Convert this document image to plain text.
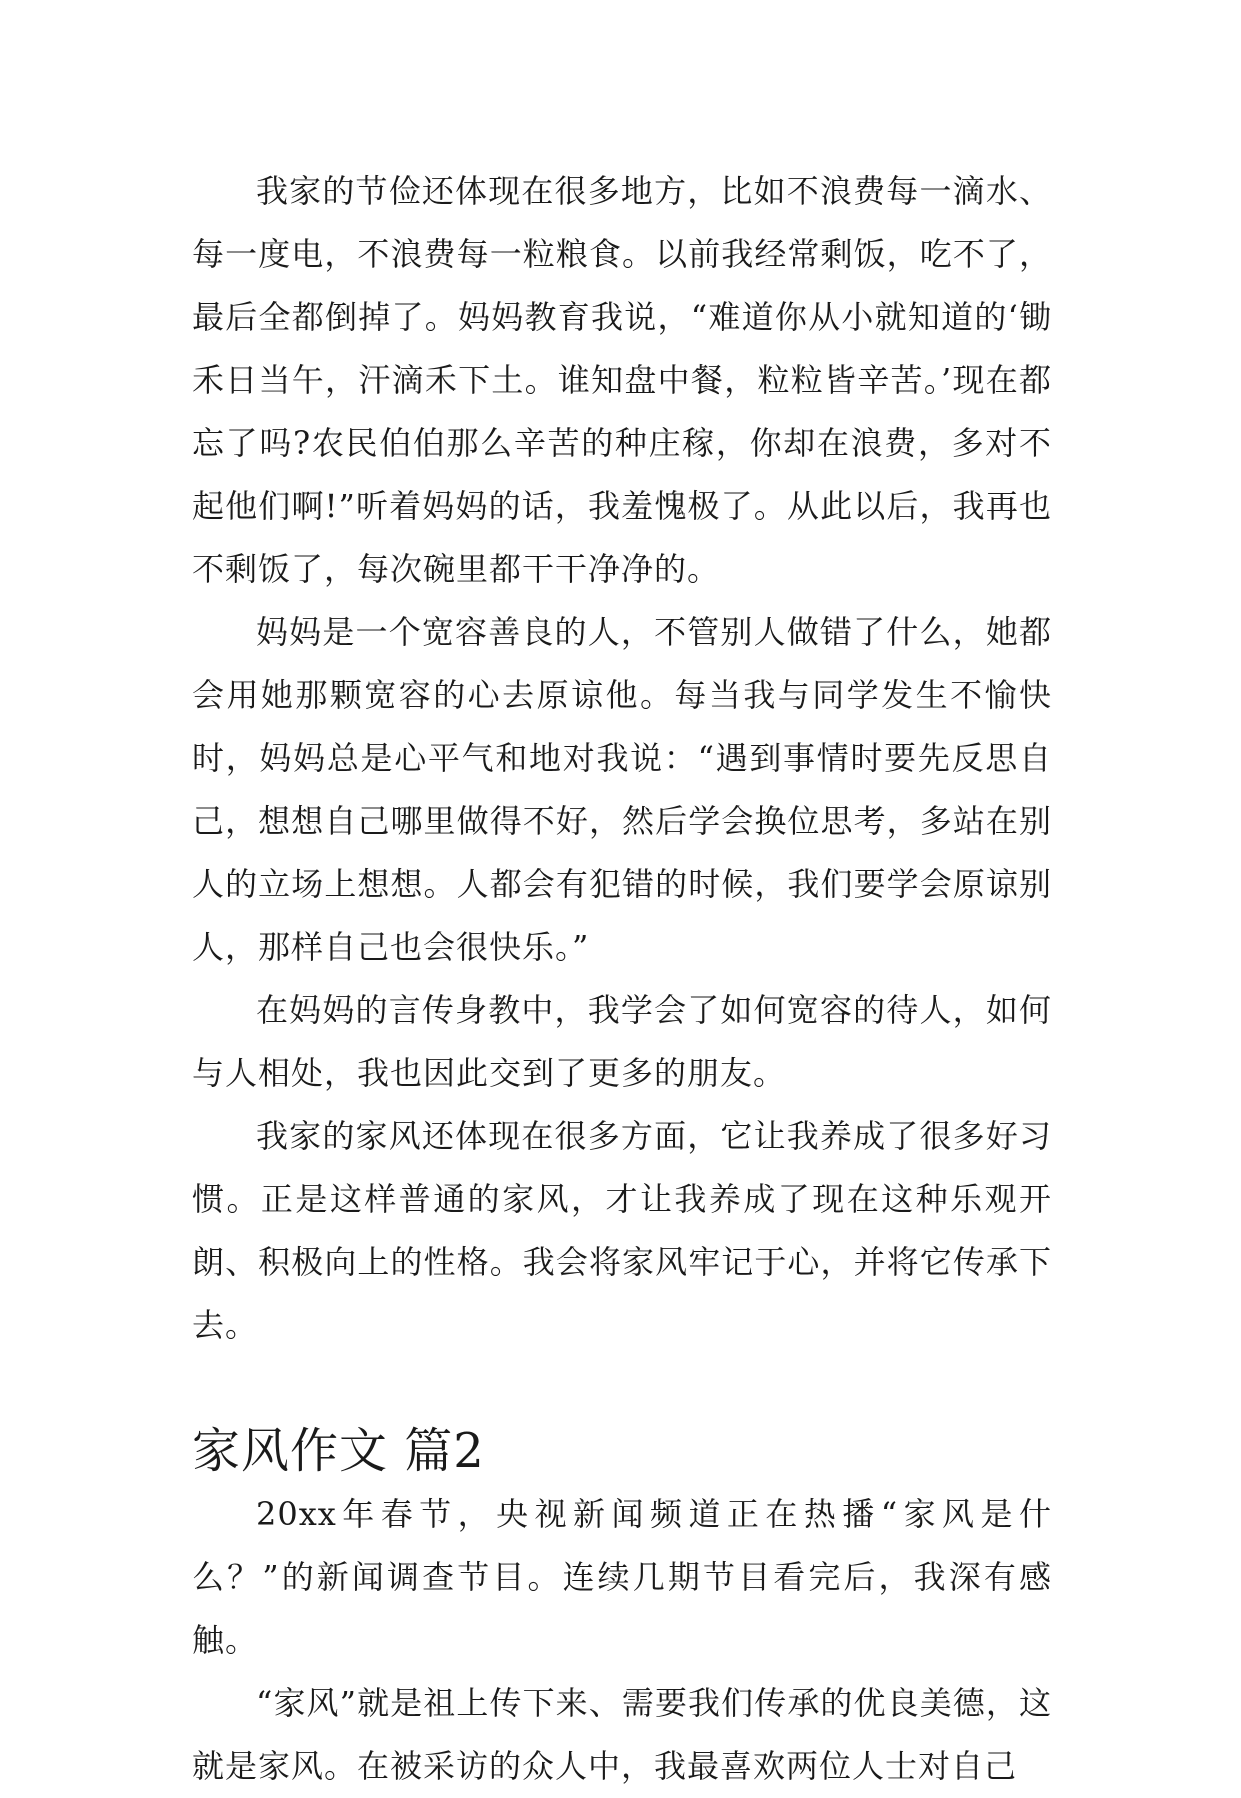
我家的节俭还体现在很多地方，比如不浪费每一滴水、每一度电，不浪费每一粒粮食。以前我经常剩饭，吃不了，最后全都倒掉了。妈妈教育我说，“难道你从小就知道的‘锄禾日当午，汗滴禾下土。谁知盘中餐，粒粒皆辛苦。’现在都忘了吗?农民伯伯那么辛苦的种庄稼，你却在浪费，多对不起他们啊!”听着妈妈的话，我羞愧极了。从此以后，我再也不剩饭了，每次碗里都干干净净的。

妈妈是一个宽容善良的人，不管别人做错了什么，她都会用她那颗宽容的心去原谅他。每当我与同学发生不愉快时，妈妈总是心平气和地对我说：“遇到事情时要先反思自己，想想自己哪里做得不好，然后学会换位思考，多站在别人的立场上想想。人都会有犯错的时候，我们要学会原谅别人，那样自己也会很快乐。”

在妈妈的言传身教中，我学会了如何宽容的待人，如何与人相处，我也因此交到了更多的朋友。

我家的家风还体现在很多方面，它让我养成了很多好习惯。正是这样普通的家风，才让我养成了现在这种乐观开朗、积极向上的性格。我会将家风牢记于心，并将它传承下去。

家风作文 篇2

20xx年春节，央视新闻频道正在热播“家风是什么？”的新闻调查节目。连续几期节目看完后，我深有感触。

“家风”就是祖上传下来、需要我们传承的优良美德，这就是家风。在被采访的众人中，我最喜欢两位人士对自己
